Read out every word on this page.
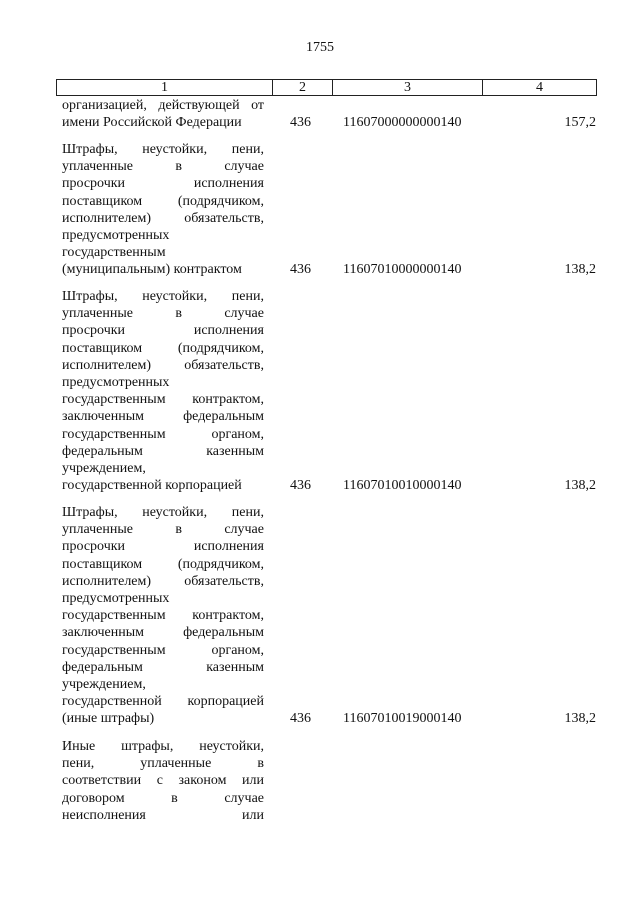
1755
1	2	3	4
организацией, действующей от
имени Российской Федерации	436	11607000000000140	157,2
Штрафы, неустойки, пени,
уплаченные в случае
просрочки исполнения
поставщиком (подрядчиком,
исполнителем) обязательств,
предусмотренных
государственным
(муниципальным) контрактом	436	11607010000000140	138,2
Штрафы, неустойки, пени,
уплаченные в случае
просрочки исполнения
поставщиком (подрядчиком,
исполнителем) обязательств,
предусмотренных
государственным контрактом,
заключенным федеральным
государственным органом,
федеральным казенным
учреждением,
государственной корпорацией	436	11607010010000140	138,2
Штрафы, неустойки, пени,
уплаченные в случае
просрочки исполнения
поставщиком (подрядчиком,
исполнителем) обязательств,
предусмотренных
государственным контрактом,
заключенным федеральным
государственным органом,
федеральным казенным
учреждением,
государственной корпорацией
(иные штрафы)	436	11607010019000140	138,2
Иные штрафы, неустойки,
пени, уплаченные в
соответствии с законом или
договором в случае
неисполнения или
